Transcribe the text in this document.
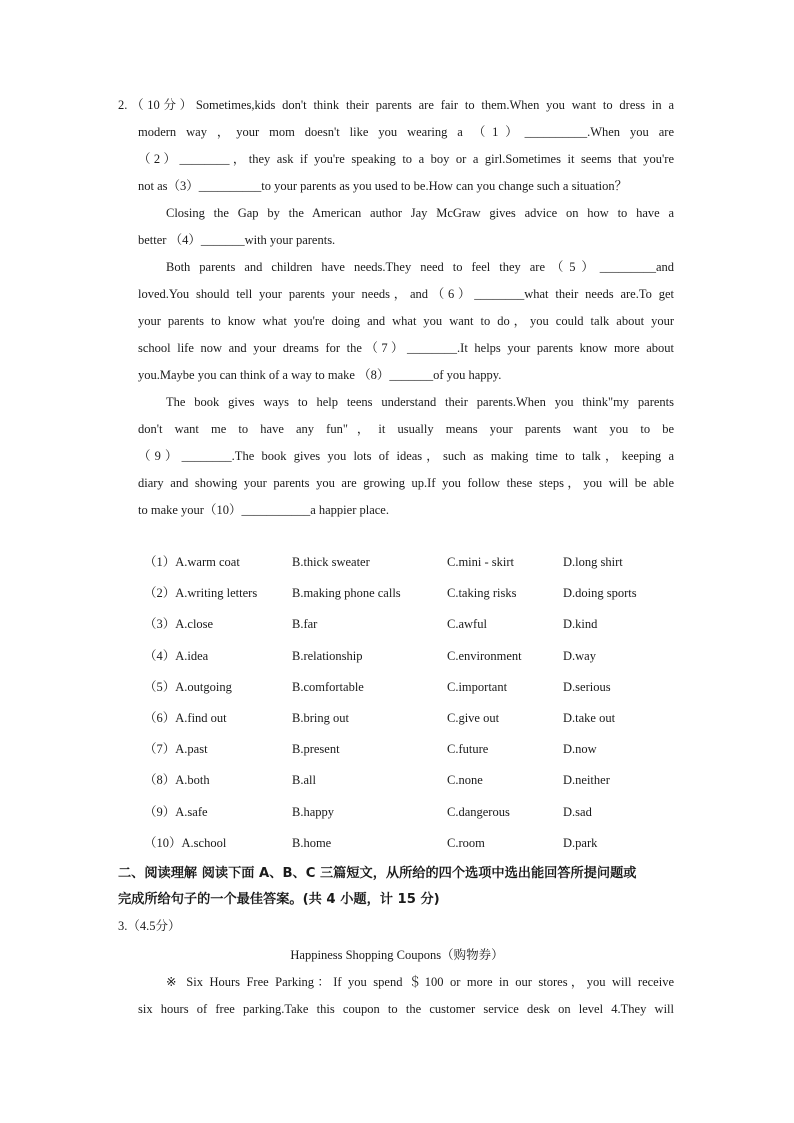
2.（10分）Sometimes,kids don't think their parents are fair to them.When you want to dress in a
modern way ，your mom doesn't like you wearing a （1）__________.When you are
（2）________，they ask if you're speaking to a boy or a girl.Sometimes it seems that you're
not as（3）__________to your parents as you used to be.How can you change such a situation？
Closing the Gap by the American author Jay McGraw gives advice on how to have a
better （4）_______with your parents.
Both parents and children have needs.They need to feel they are（5）_________and
loved.You should tell your parents your needs，and（6）________what their needs are.To get
your parents to know what you're doing and what you want to do，you could talk about your
school life now and your dreams for the（7）________.It helps your parents know more about
you.Maybe you can think of a way to make （8）_______of you happy.
The book gives ways to help teens understand their parents.When you think"my parents
don't want me to have any fun"，it usually means your parents want you to be
（9）________.The book gives you lots of ideas，such as making time to talk，keeping a
diary and showing your parents you are growing up.If you follow these steps，you will be able
to make your（10）___________a happier place.
（1）A.warm coat	B.thick sweater	C.mini - skirt	D.long shirt
（2）A.writing letters	B.making phone calls	C.taking risks	D.doing sports
（3）A.close	B.far	C.awful	D.kind
（4）A.idea	B.relationship	C.environment	D.way
（5）A.outgoing	B.comfortable	C.important	D.serious
（6）A.find out	B.bring out	C.give out	D.take out
（7）A.past	B.present	C.future	D.now
（8）A.both	B.all	C.none	D.neither
（9）A.safe	B.happy	C.dangerous	D.sad
（10）A.school	B.home	C.room	D.park
二、阅读理解 阅读下面 A、B、C 三篇短文，从所给的四个选项中选出能回答所提问题或
完成所给句子的一个最佳答案。(共 4 小题，计 15 分)
3.（4.5分）
Happiness Shopping Coupons（购物券）
※ Six Hours Free Parking：If you spend ＄100 or more in our stores，you will receive
six hours of free parking.Take this coupon to the customer service desk on level 4.They will
